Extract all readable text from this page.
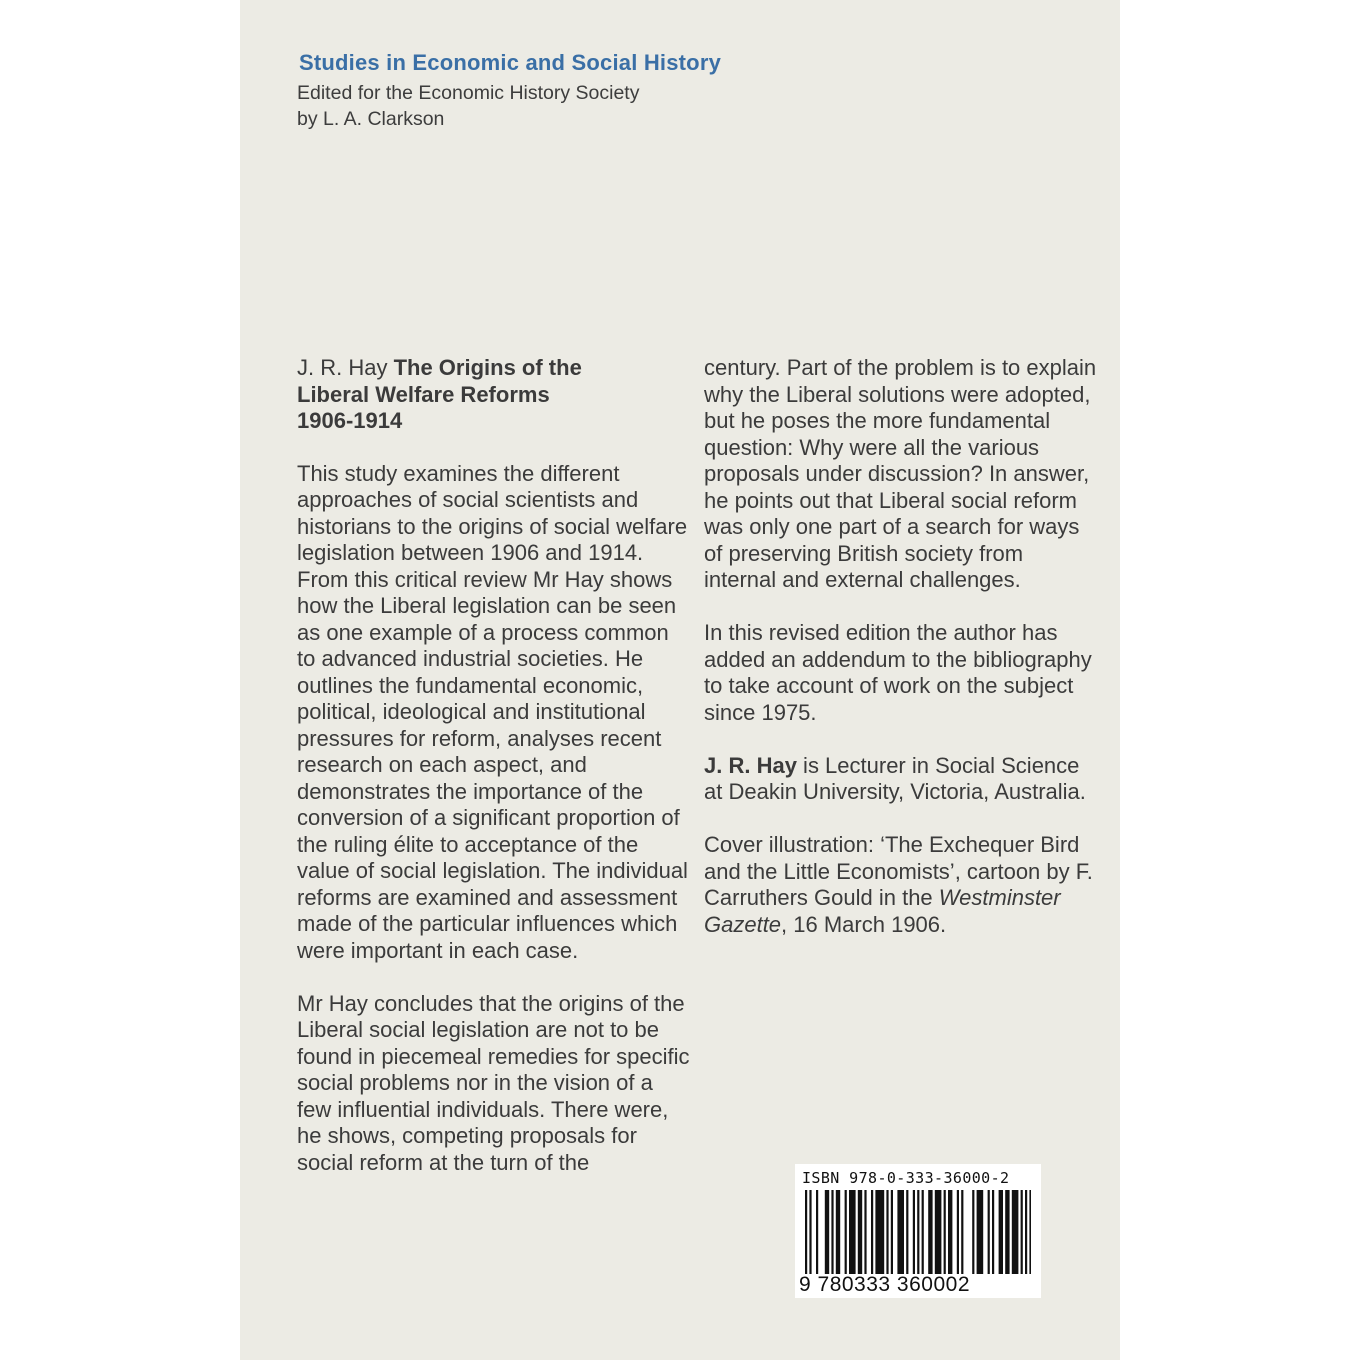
Studies in Economic and Social History
Edited for the Economic History Society
by L. A. Clarkson

J. R. Hay The Origins of the
Liberal Welfare Reforms
1906-1914

This study examines the different approaches of social scientists and historians to the origins of social welfare legislation between 1906 and 1914. From this critical review Mr Hay shows how the Liberal legislation can be seen as one example of a process common to advanced industrial societies. He outlines the fundamental economic, political, ideological and institutional pressures for reform, analyses recent research on each aspect, and demonstrates the importance of the conversion of a significant proportion of the ruling élite to acceptance of the value of social legislation. The individual reforms are examined and assessment made of the particular influences which were important in each case.

Mr Hay concludes that the origins of the Liberal social legislation are not to be found in piecemeal remedies for specific social problems nor in the vision of a few influential individuals. There were, he shows, competing proposals for social reform at the turn of the

century. Part of the problem is to explain why the Liberal solutions were adopted, but he poses the more fundamental question: Why were all the various proposals under discussion? In answer, he points out that Liberal social reform was only one part of a search for ways of preserving British society from internal and external challenges.

In this revised edition the author has added an addendum to the bibliography to take account of work on the subject since 1975.

J. R. Hay is Lecturer in Social Science at Deakin University, Victoria, Australia.

Cover illustration: ‘The Exchequer Bird and the Little Economists’, cartoon by F. Carruthers Gould in the Westminster Gazette, 16 March 1906.

ISBN 978-0-333-36000-2
9 780333 360002
